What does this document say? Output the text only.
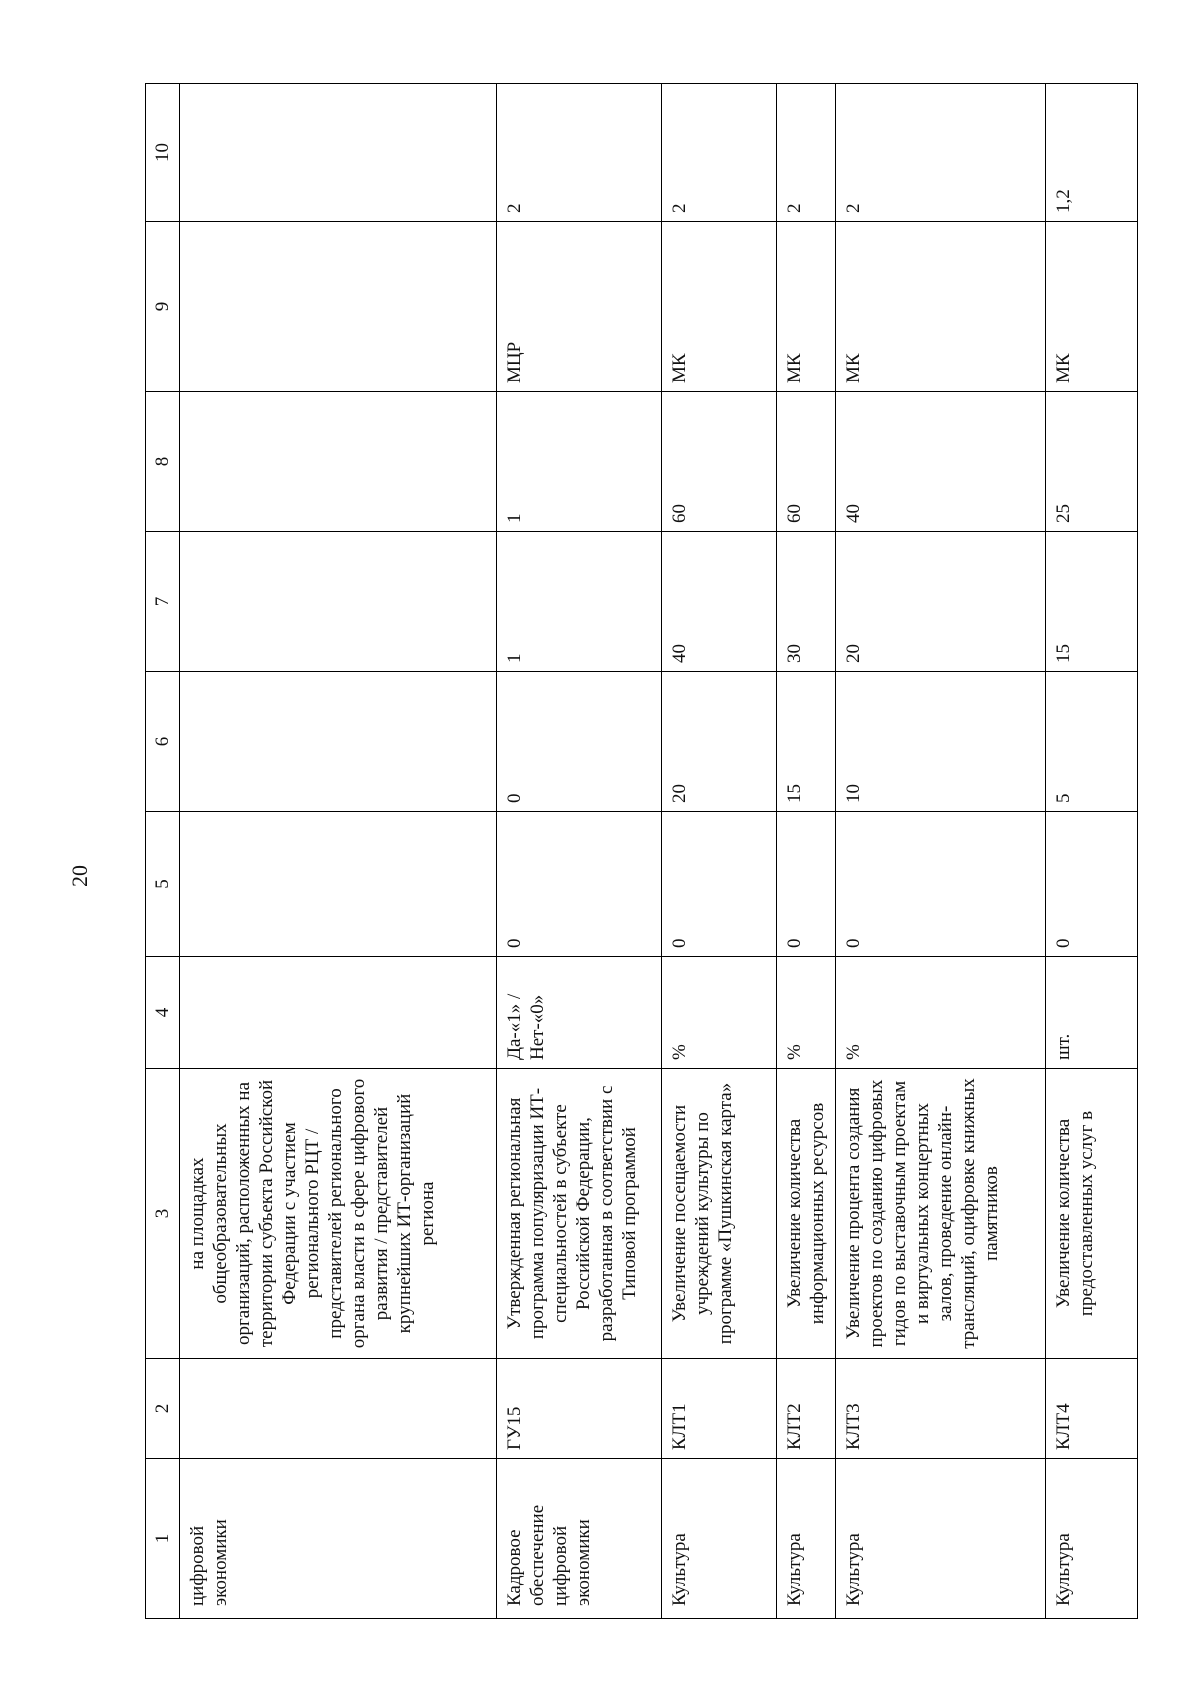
20
1	2	3	4	5	6	7	8	9	10
цифровой экономики		на площадках общеобразовательных организаций, расположенных на территории субъекта Российской Федерации с участием регионального РЦТ / представителей регионального органа власти в сфере цифрового развития / представителей крупнейших ИТ-организаций региона							
Кадровое обеспечение цифровой экономики	ГУ15	Утвержденная региональная программа популяризации ИТ-специальностей в субъекте Российской Федерации, разработанная в соответствии с Типовой программой	Да-«1» / Нет-«0»	0	0	1	1	МЦР	2
Культура	КЛТ1	Увеличение посещаемости учреждений культуры по программе «Пушкинская карта»	%	0	20	40	60	МК	2
Культура	КЛТ2	Увеличение количества информационных ресурсов	%	0	15	30	60	МК	2
Культура	КЛТ3	Увеличение процента создания проектов по созданию цифровых гидов по выставочным проектам и виртуальных концертных залов, проведение онлайн-трансляций, оцифровке книжных памятников	%	0	10	20	40	МК	2
Культура	КЛТ4	Увеличение количества предоставленных услуг в	шт.	0	5	15	25	МК	1,2
